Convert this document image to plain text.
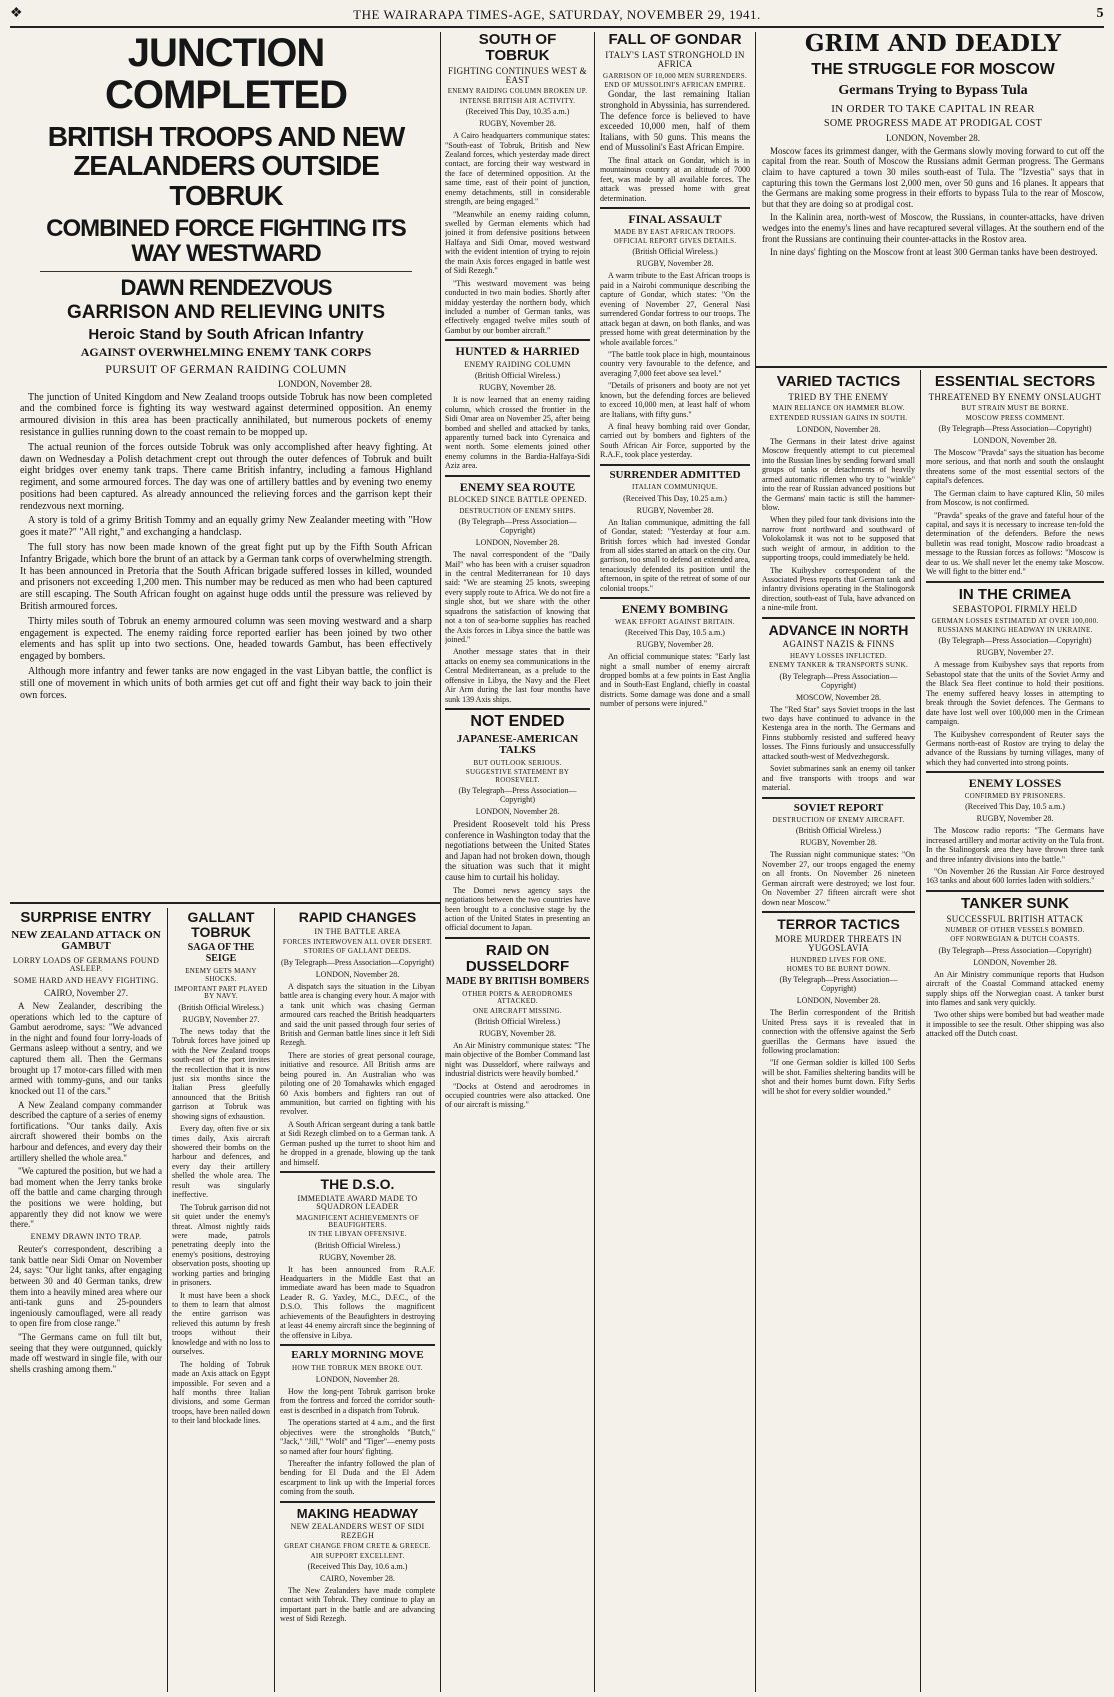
❖	THE WAIRARAPA TIMES-AGE, SATURDAY, NOVEMBER 29, 1941.	5

JUNCTION COMPLETED

BRITISH TROOPS AND NEW ZEALANDERS OUTSIDE TOBRUK

COMBINED FORCE FIGHTING ITS WAY WESTWARD

DAWN RENDEZVOUS

GARRISON AND RELIEVING UNITS

Heroic Stand by South African Infantry

AGAINST OVERWHELMING ENEMY TANK CORPS

PURSUIT OF GERMAN RAIDING COLUMN

LONDON, November 28.

The junction of United Kingdom and New Zealand troops outside Tobruk has now been completed and the combined force is fighting its way westward against determined opposition. An enemy armoured division in this area has been practically annihilated, but numerous pockets of enemy resistance in gullies running down to the coast remain to be mopped up.

The actual reunion of the forces outside Tobruk was only accomplished after heavy fighting. At dawn on Wednesday a Polish detachment crept out through the outer defences of Tobruk and built eight bridges over enemy tank traps. There came British infantry, including a famous Highland regiment, and some armoured forces. The day was one of artillery battles and by evening two enemy positions had been captured. As already announced the relieving forces and the garrison kept their rendezvous next morning.

A story is told of a grimy British Tommy and an equally grimy New Zealander meeting with "How goes it mate?" "All right," and exchanging a handclasp.

The full story has now been made known of the great fight put up by the Fifth South African Infantry Brigade, which bore the brunt of an attack by a German tank corps of overwhelming strength. It has been announced in Pretoria that the South African brigade suffered losses in killed, wounded and prisoners not exceeding 1,200 men. This number may be reduced as men who had been captured are still escaping. The South African fought on against huge odds until the pressure was relieved by British armoured forces.

Thirty miles south of Tobruk an enemy armoured column was seen moving westward and a sharp engagement is expected. The enemy raiding force reported earlier has been joined by two other elements and has split up into two sections. One, headed towards Gambut, has been effectively engaged by bombers.

Although more infantry and fewer tanks are now engaged in the vast Libyan battle, the conflict is still one of movement in which units of both armies get cut off and fight their way back to join their own forces.

SURPRISE ENTRY

NEW ZEALAND ATTACK ON GAMBUT

LORRY LOADS OF GERMANS FOUND ASLEEP.

SOME HARD AND HEAVY FIGHTING.

CAIRO, November 27.

A New Zealander, describing the operations which led to the capture of Gambut aerodrome, says: "We advanced in the night and found four lorry-loads of Germans asleep without a sentry, and we captured them all. Then the Germans brought up 17 motor-cars filled with men armed with tommy-guns, and our tanks knocked out 11 of the cars."

A New Zealand company commander described the capture of a series of enemy fortifications. "Our tanks daily. Axis aircraft showered their bombs on the harbour and defences, and every day their artillery shelled the whole area."

"We captured the position, but we had a bad moment when the Jerry tanks broke off the battle and came charging through the positions we were holding, but apparently they did not know we were there."

ENEMY DRAWN INTO TRAP.

Reuter's correspondent, describing a tank battle near Sidi Omar on November 24, says: "Our light tanks, after engaging between 30 and 40 German tanks, drew them into a heavily mined area where our anti-tank guns and 25-pounders ingeniously camouflaged, were all ready to open fire from close range."

"The Germans came on full tilt but, seeing that they were outgunned, quickly made off westward in single file, with our shells crashing among them."

GALLANT TOBRUK

SAGA OF THE SEIGE

ENEMY GETS MANY SHOCKS.

IMPORTANT PART PLAYED BY NAVY.

(British Official Wireless.)

RUGBY, November 27.

The news today that the Tobruk forces have joined up with the New Zealand troops south-east of the port invites the recollection that it is now just six months since the Italian Press gleefully announced that the British garrison at Tobruk was showing signs of exhaustion.

Every day, often five or six times daily, Axis aircraft showered their bombs on the harbour and defences, and every day their artillery shelled the whole area. The result was singularly ineffective.

The Tobruk garrison did not sit quiet under the enemy's threat. Almost nightly raids were made, patrols penetrating deeply into the enemy's positions, destroying observation posts, shooting up working parties and bringing in prisoners.

It must have been a shock to them to learn that almost the entire garrison was relieved this autumn by fresh troops without their knowledge and with no loss to ourselves.

The holding of Tobruk made an Axis attack on Egypt impossible. For seven and a half months three Italian divisions, and some German troops, have been nailed down to their land blockade lines.

SOUTH OF TOBRUK

FIGHTING CONTINUES WEST & EAST

ENEMY RAIDING COLUMN BROKEN UP.

INTENSE BRITISH AIR ACTIVITY.

(Received This Day, 10.35 a.m.)

RUGBY, November 28.

A Cairo headquarters communique states: "South-east of Tobruk, British and New Zealand forces, which yesterday made direct contact, are forcing their way westward in the face of determined opposition. At the same time, east of their point of junction, enemy detachments, still in considerable strength, are being engaged."

"Meanwhile an enemy raiding column, swelled by German elements which had joined it from defensive positions between Halfaya and Sidi Omar, moved westward with the evident intention of trying to rejoin the main Axis forces engaged in battle west of Sidi Rezegh."

"This westward movement was being conducted in two main bodies. Shortly after midday yesterday the northern body, which included a number of German tanks, was effectively engaged twelve miles south of Gambut by our bomber aircraft."

HUNTED & HARRIED

ENEMY RAIDING COLUMN

(British Official Wireless.)

RUGBY, November 28.

It is now learned that an enemy raiding column, which crossed the frontier in the Sidi Omar area on November 25, after being bombed and shelled and attacked by tanks, apparently turned back into Cyrenaica and went north. Some elements joined other enemy columns in the Bardia-Halfaya-Sidi Aziz area.

ENEMY SEA ROUTE

BLOCKED SINCE BATTLE OPENED.

DESTRUCTION OF ENEMY SHIPS.

(By Telegraph—Press Association—Copyright)

LONDON, November 28.

The naval correspondent of the "Daily Mail" who has been with a cruiser squadron in the central Mediterranean for 10 days said: "We are steaming 25 knots, sweeping every supply route to Africa. We do not fire a single shot, but we share with the other squadrons the satisfaction of knowing that not a ton of sea-borne supplies has reached the Axis forces in Libya since the battle was joined."

Another message states that in their attacks on enemy sea communications in the Central Mediterranean, as a prelude to the offensive in Libya, the Navy and the Fleet Air Arm during the last four months have sunk 139 Axis ships.

NOT ENDED

JAPANESE-AMERICAN TALKS

BUT OUTLOOK SERIOUS.

SUGGESTIVE STATEMENT BY ROOSEVELT.

(By Telegraph—Press Association—Copyright)

LONDON, November 28.

President Roosevelt told his Press conference in Washington today that the negotiations between the United States and Japan had not broken down, though the situation was such that it might cause him to curtail his holiday.

The Domei news agency says the negotiations between the two countries have been brought to a conclusive stage by the action of the United States in presenting an official document to Japan.

RAID ON DUSSELDORF

MADE BY BRITISH BOMBERS

OTHER PORTS & AERODROMES ATTACKED.

ONE AIRCRAFT MISSING.

(British Official Wireless.)

RUGBY, November 28.

An Air Ministry communique states: "The main objective of the Bomber Command last night was Dusseldorf, where railways and industrial districts were heavily bombed."

"Docks at Ostend and aerodromes in occupied countries were also attacked. One of our aircraft is missing."

FALL OF GONDAR

ITALY'S LAST STRONGHOLD IN AFRICA

GARRISON OF 10,000 MEN SURRENDERS.

END OF MUSSOLINI'S AFRICAN EMPIRE.

Gondar, the last remaining Italian stronghold in Abyssinia, has surrendered. The defence force is believed to have exceeded 10,000 men, half of them Italians, with 50 guns. This means the end of Mussolini's East African Empire.

The final attack on Gondar, which is in mountainous country at an altitude of 7000 feet, was made by all available forces. The attack was pressed home with great determination.

FINAL ASSAULT

MADE BY EAST AFRICAN TROOPS.

OFFICIAL REPORT GIVES DETAILS.

(British Official Wireless.)

RUGBY, November 28.

A warm tribute to the East African troops is paid in a Nairobi communique describing the capture of Gondar, which states: "On the evening of November 27, General Nasi surrendered Gondar fortress to our troops. The attack began at dawn, on both flanks, and was pressed home with great determination by the whole available forces."

"The battle took place in high, mountainous country very favourable to the defence, and averaging 7,000 feet above sea level."

"Details of prisoners and booty are not yet known, but the defending forces are believed to exceed 10,000 men, at least half of whom are Italians, with fifty guns."

A final heavy bombing raid over Gondar, carried out by bombers and fighters of the South African Air Force, supported by the R.A.F., took place yesterday.

SURRENDER ADMITTED

ITALIAN COMMUNIQUE.

(Received This Day, 10.25 a.m.)

RUGBY, November 28.

An Italian communique, admitting the fall of Gondar, stated: "Yesterday at four a.m. British forces which had invested Gondar from all sides started an attack on the city. Our garrison, too small to defend an extended area, tenaciously defended its position until the afternoon, in spite of the retreat of some of our colonial troops."

ENEMY BOMBING

WEAK EFFORT AGAINST BRITAIN.

(Received This Day, 10.5 a.m.)

RUGBY, November 28.

An official communique states: "Early last night a small number of enemy aircraft dropped bombs at a few points in East Anglia and in South-East England, chiefly in coastal districts. Some damage was done and a small number of persons were injured."

GRIM AND DEADLY

THE STRUGGLE FOR MOSCOW

Germans Trying to Bypass Tula

IN ORDER TO TAKE CAPITAL IN REAR

SOME PROGRESS MADE AT PRODIGAL COST

LONDON, November 28.

Moscow faces its grimmest danger, with the Germans slowly moving forward to cut off the capital from the rear. South of Moscow the Russians admit German progress. The Germans claim to have captured a town 30 miles south-east of Tula. The "Izvestia" says that in capturing this town the Germans lost 2,000 men, over 50 guns and 16 planes. It appears that the Germans are making some progress in their efforts to bypass Tula to the rear of Moscow, but that they are doing so at prodigal cost.

In the Kalinin area, north-west of Moscow, the Russians, in counter-attacks, have driven wedges into the enemy's lines and have recaptured several villages. At the southern end of the front the Russians are continuing their counter-attacks in the Rostov area.

In nine days' fighting on the Moscow front at least 300 German tanks have been destroyed.

VARIED TACTICS

TRIED BY THE ENEMY

MAIN RELIANCE ON HAMMER BLOW.

EXTENDED RUSSIAN GAINS IN SOUTH.

LONDON, November 28.

The Germans in their latest drive against Moscow frequently attempt to cut piecemeal into the Russian lines by sending forward small groups of tanks or detachments of heavily armed automatic riflemen who try to "winkle" into the rear of Russian advanced positions but the Germans' main tactic is still the hammer-blow.

When they piled four tank divisions into the narrow front northward and southward of Volokolamsk it was not to be supposed that such weight of armour, in addition to the supporting troops, could immediately be held.

The Kuibyshev correspondent of the Associated Press reports that German tank and infantry divisions operating in the Stalinogorsk direction, south-east of Tula, have advanced on a nine-mile front.

ADVANCE IN NORTH

AGAINST NAZIS & FINNS

HEAVY LOSSES INFLICTED.

ENEMY TANKER & TRANSPORTS SUNK.

(By Telegraph—Press Association—Copyright)

MOSCOW, November 28.

The "Red Star" says Soviet troops in the last two days have continued to advance in the Kestenga area in the north. The Germans and Finns stubbornly resisted and suffered heavy losses. The Finns furiously and unsuccessfully attacked south-west of Medvezhegorsk.

Soviet submarines sank an enemy oil tanker and five transports with troops and war material.

SOVIET REPORT

DESTRUCTION OF ENEMY AIRCRAFT.

(British Official Wireless.)

RUGBY, November 28.

The Russian night communique states: "On November 27, our troops engaged the enemy on all fronts. On November 26 nineteen German aircraft were destroyed; we lost four. On November 27 fifteen aircraft were shot down near Moscow."

TERROR TACTICS

MORE MURDER THREATS IN YUGOSLAVIA

HUNDRED LIVES FOR ONE.

HOMES TO BE BURNT DOWN.

(By Telegraph—Press Association—Copyright)

LONDON, November 28.

The Berlin correspondent of the British United Press says it is revealed that in connection with the offensive against the Serb guerillas the Germans have issued the following proclamation:

"If one German soldier is killed 100 Serbs will be shot. Families sheltering bandits will be shot and their homes burnt down. Fifty Serbs will be shot for every soldier wounded."

ESSENTIAL SECTORS

THREATENED BY ENEMY ONSLAUGHT

BUT STRAIN MUST BE BORNE.

MOSCOW PRESS COMMENT.

(By Telegraph—Press Association—Copyright)

LONDON, November 28.

The Moscow "Pravda" says the situation has become more serious, and that north and south the onslaught threatens some of the most essential sectors of the capital's defences.

The German claim to have captured Klin, 50 miles from Moscow, is not confirmed.

"Pravda" speaks of the grave and fateful hour of the capital, and says it is necessary to increase ten-fold the determination of the defenders. Before the news bulletin was read tonight, Moscow radio broadcast a message to the Russian forces as follows: "Moscow is dear to us. We shall never let the enemy take Moscow. We will fight to the bitter end."

IN THE CRIMEA

SEBASTOPOL FIRMLY HELD

GERMAN LOSSES ESTIMATED AT OVER 100,000.

RUSSIANS MAKING HEADWAY IN UKRAINE.

(By Telegraph—Press Association—Copyright)

RUGBY, November 27.

A message from Kuibyshev says that reports from Sebastopol state that the units of the Soviet Army and the Black Sea fleet continue to hold their positions. The enemy suffered heavy losses in attempting to break through the Soviet defences. The Germans to date have lost well over 100,000 men in the Crimean campaign.

The Kuibyshev correspondent of Reuter says the Germans north-east of Rostov are trying to delay the advance of the Russians by turning villages, many of which they had converted into strong points.

ENEMY LOSSES

CONFIRMED BY PRISONERS.

(Received This Day, 10.5 a.m.)

RUGBY, November 28.

The Moscow radio reports: "The Germans have increased artillery and mortar activity on the Tula front. In the Stalinogorsk area they have thrown three tank and three infantry divisions into the battle."

"On November 26 the Russian Air Force destroyed 163 tanks and about 600 lorries laden with soldiers."

TANKER SUNK

SUCCESSFUL BRITISH ATTACK

NUMBER OF OTHER VESSELS BOMBED.

OFF NORWEGIAN & DUTCH COASTS.

(By Telegraph—Press Association—Copyright)

LONDON, November 28.

An Air Ministry communique reports that Hudson aircraft of the Coastal Command attacked enemy supply ships off the Norwegian coast. A tanker burst into flames and sank very quickly.

Two other ships were bombed but bad weather made it impossible to see the result. Other shipping was also attacked off the Dutch coast.

RAPID CHANGES

IN THE BATTLE AREA

FORCES INTERWOVEN ALL OVER DESERT.

STORIES OF GALLANT DEEDS.

(By Telegraph—Press Association—Copyright)

LONDON, November 28.

A dispatch says the situation in the Libyan battle area is changing every hour. A major with a tank unit which was chasing German armoured cars reached the British headquarters and said the unit passed through four series of British and German battle lines since it left Sidi Rezegh.

There are stories of great personal courage, initiative and resource. All British arms are being poured in. An Australian who was piloting one of 20 Tomahawks which engaged 60 Axis bombers and fighters ran out of ammunition, but carried on fighting with his revolver.

A South African sergeant during a tank battle at Sidi Rezegh climbed on to a German tank. A German pushed up the turret to shoot him and he dropped in a grenade, blowing up the tank and himself.

THE D.S.O.

IMMEDIATE AWARD MADE TO SQUADRON LEADER

MAGNIFICENT ACHIEVEMENTS OF BEAUFIGHTERS.

IN THE LIBYAN OFFENSIVE.

(British Official Wireless.)

RUGBY, November 28.

It has been announced from R.A.F. Headquarters in the Middle East that an immediate award has been made to Squadron Leader R. G. Yaxley, M.C., D.F.C., of the D.S.O. This follows the magnificent achievements of the Beaufighters in destroying at least 44 enemy aircraft since the beginning of the offensive in Libya.

EARLY MORNING MOVE

HOW THE TOBRUK MEN BROKE OUT.

LONDON, November 28.

How the long-pent Tobruk garrison broke from the fortress and forced the corridor south-east is described in a dispatch from Tobruk.

The operations started at 4 a.m., and the first objectives were the strongholds "Butch," "Jack," "Jill," "Wolf" and "Tiger"—enemy posts so named after four hours' fighting.

Thereafter the infantry followed the plan of bending for El Duda and the El Adem escarpment to link up with the Imperial forces coming from the south.

MAKING HEADWAY

NEW ZEALANDERS WEST OF SIDI REZEGH

GREAT CHANGE FROM CRETE & GREECE.

AIR SUPPORT EXCELLENT.

(Received This Day, 10.6 a.m.)

CAIRO, November 28.

The New Zealanders have made complete contact with Tobruk. They continue to play an important part in the battle and are advancing west of Sidi Rezegh.
